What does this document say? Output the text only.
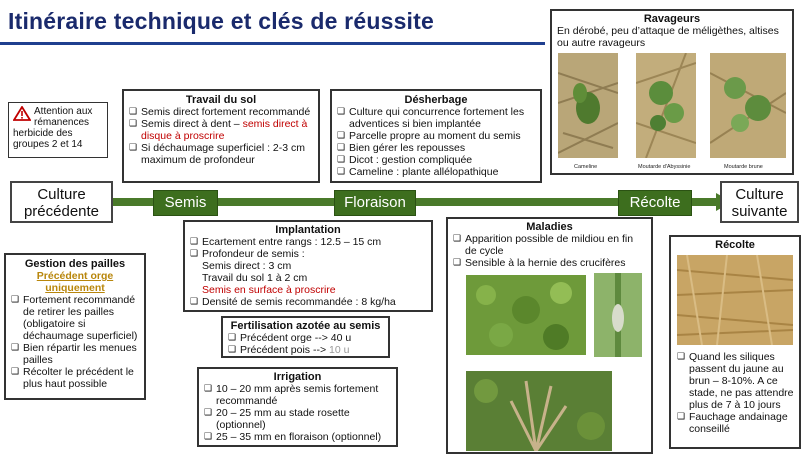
Itinéraire technique et clés de réussite
Attention aux rémanences herbicide des groupes 2 et 14
Travail du sol
❑ Semis direct fortement recommandé
❑ Semis direct à dent – semis direct à disque à proscrire
❑ Si déchaumage superficiel : 2-3 cm maximum de profondeur
Désherbage
❑ Culture qui concurrence fortement les adventices si bien implantée
❑ Parcelle propre au moment du semis
❑ Bien gérer les repousses
❑ Dicot : gestion compliquée
❑ Cameline : plante allélopathique
Ravageurs
En dérobé, peu d’attaque de méligèthes, altises ou autre ravageurs
Cameline	Moutarde d'Abyssinie	Moutarde brune
Culture précédente
Semis	Floraison	Récolte	Culture suivante
Gestion des pailles
Précédent orge uniquement
❑ Fortement recommandé de retirer les pailles (obligatoire si déchaumage superficiel)
❑ Bien répartir les menues pailles
❑ Récolter le précédent le plus haut possible
Implantation
❑ Ecartement entre rangs : 12.5 – 15 cm
❑ Profondeur de semis :
Semis direct : 3 cm
Travail du sol 1 à 2 cm
Semis en surface à proscrire
❑ Densité de semis recommandée : 8 kg/ha
Fertilisation azotée au semis
❑ Précédent orge --> 40 u
❑ Précédent pois --> 10 u
Irrigation
❑ 10 – 20 mm après semis fortement recommandé
❑ 20 – 25 mm au stade rosette (optionnel)
❑ 25 – 35 mm en floraison (optionnel)
Maladies
❑ Apparition possible de mildiou en fin de cycle
❑ Sensible à la hernie des crucifères
Récolte
❑ Quand les siliques passent du jaune au brun – 8-10%. A ce stade, ne pas attendre plus de 7 à 10 jours
❑ Fauchage andainage conseillé
